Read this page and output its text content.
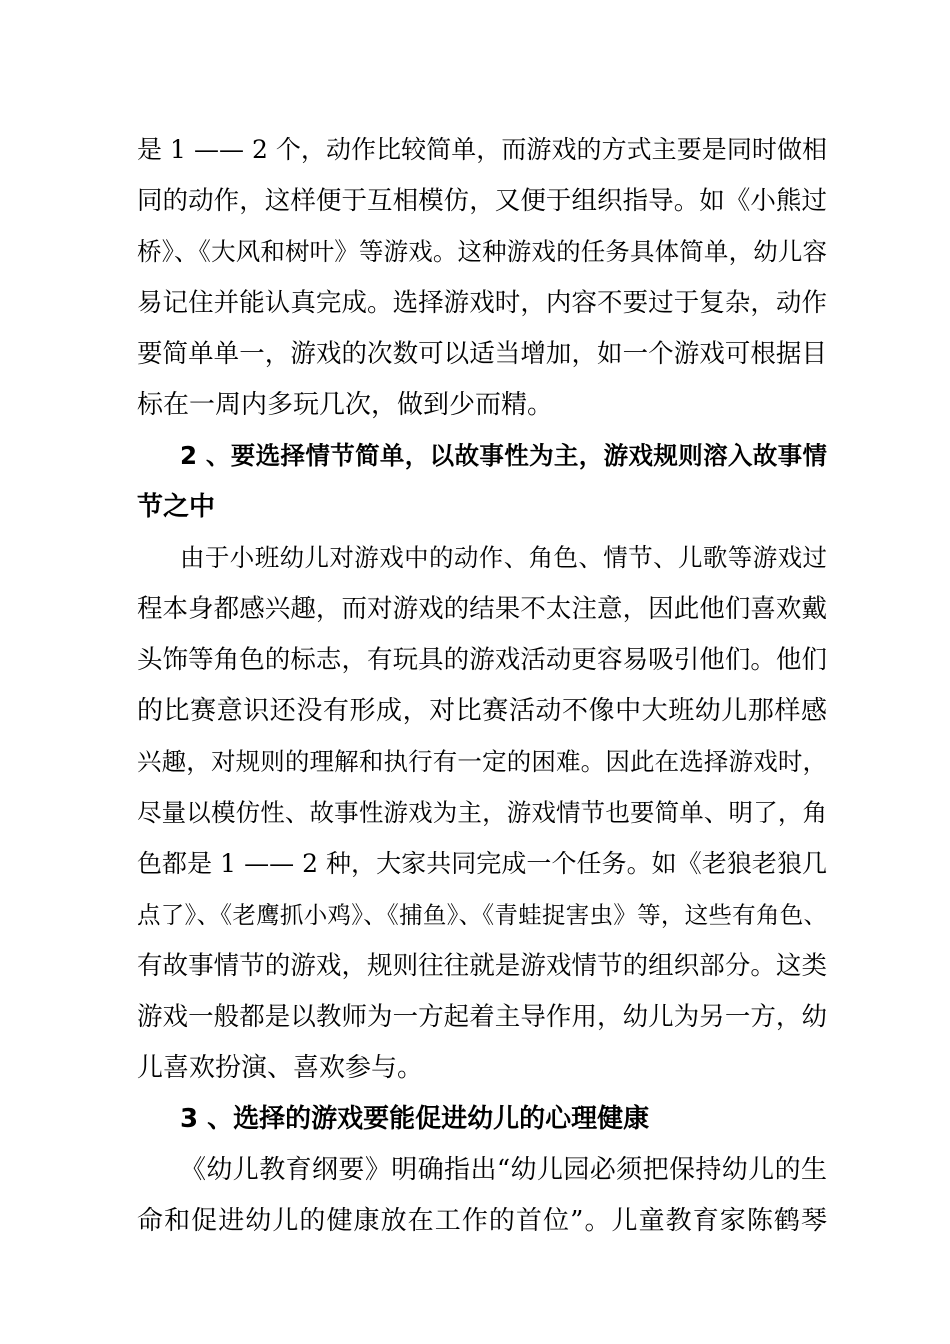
是 1 —— 2 个，动作比较简单，而游戏的方式主要是同时做相
同的动作，这样便于互相模仿，又便于组织指导。如《小熊过
桥》、《大风和树叶》等游戏。这种游戏的任务具体简单，幼儿容
易记住并能认真完成。选择游戏时，内容不要过于复杂，动作
要简单单一，游戏的次数可以适当增加，如一个游戏可根据目
标在一周内多玩几次，做到少而精。
2 、要选择情节简单，以故事性为主，游戏规则溶入故事情
节之中
由于小班幼儿对游戏中的动作、角色、情节、儿歌等游戏过
程本身都感兴趣，而对游戏的结果不太注意，因此他们喜欢戴
头饰等角色的标志，有玩具的游戏活动更容易吸引他们。他们
的比赛意识还没有形成，对比赛活动不像中大班幼儿那样感
兴趣，对规则的理解和执行有一定的困难。因此在选择游戏时，
尽量以模仿性、故事性游戏为主，游戏情节也要简单、明了，角
色都是 1 —— 2 种，大家共同完成一个任务。如《老狼老狼几
点了》、《老鹰抓小鸡》、《捕鱼》、《青蛙捉害虫》等，这些有角色、
有故事情节的游戏，规则往往就是游戏情节的组织部分。这类
游戏一般都是以教师为一方起着主导作用，幼儿为另一方，幼
儿喜欢扮演、喜欢参与。
3 、选择的游戏要能促进幼儿的心理健康
《幼儿教育纲要》明确指出“幼儿园必须把保持幼儿的生
命和促进幼儿的健康放在工作的首位”。儿童教育家陈鹤琴
